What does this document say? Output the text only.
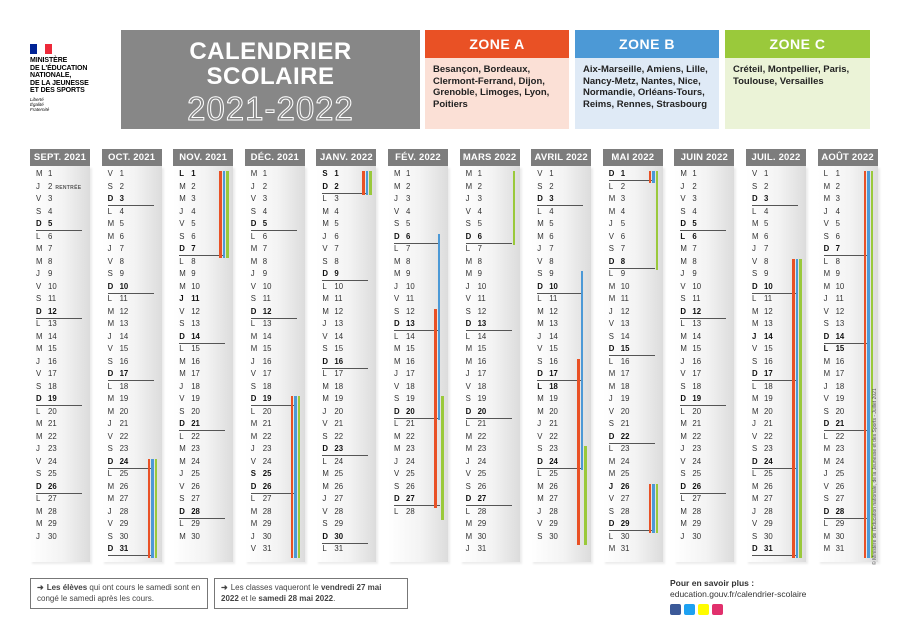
MINISTÈRE
DE L'ÉDUCATION
NATIONALE,
DE LA JEUNESSE
ET DES SPORTS
Liberté
Égalité
Fraternité
CALENDRIER
SCOLAIRE
2021-2022
ZONE A
Besançon, Bordeaux, Clermont-Ferrand, Dijon, Grenoble, Limoges, Lyon, Poitiers
ZONE B
Aix-Marseille, Amiens, Lille, Nancy-Metz, Nantes, Nice, Normandie, Orléans-Tours, Reims, Rennes, Strasbourg
ZONE C
Créteil, Montpellier, Paris, Toulouse, Versailles
SEPT. 2021
M 1
J 2 RENTRÉE
V 3
S 4
D 5
L 6
M 7
M 8
J 9
V 10
S 11
D 12
L 13
M 14
M 15
J 16
V 17
S 18
D 19
L 20
M 21
M 22
J 23
V 24
S 25
D 26
L 27
M 28
M 29
J 30
OCT. 2021
V 1
S 2
D 3
L 4
M 5
M 6
J 7
V 8
S 9
D 10
L 11
M 12
M 13
J 14
V 15
S 16
D 17
L 18
M 19
M 20
J 21
V 22
S 23
D 24
L 25
M 26
M 27
J 28
V 29
S 30
D 31
NOV. 2021
L 1
M 2
M 3
J 4
V 5
S 6
D 7
L 8
M 9
M 10
J 11
V 12
S 13
D 14
L 15
M 16
M 17
J 18
V 19
S 20
D 21
L 22
M 23
M 24
J 25
V 26
S 27
D 28
L 29
M 30
DÉC. 2021
M 1
J 2
V 3
S 4
D 5
L 6
M 7
M 8
J 9
V 10
S 11
D 12
L 13
M 14
M 15
J 16
V 17
S 18
D 19
L 20
M 21
M 22
J 23
V 24
S 25
D 26
L 27
M 28
M 29
J 30
V 31
JANV. 2022
S 1
D 2
L 3
M 4
M 5
J 6
V 7
S 8
D 9
L 10
M 11
M 12
J 13
V 14
S 15
D 16
L 17
M 18
M 19
J 20
V 21
S 22
D 23
L 24
M 25
M 26
J 27
V 28
S 29
D 30
L 31
FÉV. 2022
M 1
M 2
J 3
V 4
S 5
D 6
L 7
M 8
M 9
J 10
V 11
S 12
D 13
L 14
M 15
M 16
J 17
V 18
S 19
D 20
L 21
M 22
M 23
J 24
V 25
S 26
D 27
L 28
MARS 2022
M 1
M 2
J 3
V 4
S 5
D 6
L 7
M 8
M 9
J 10
V 11
S 12
D 13
L 14
M 15
M 16
J 17
V 18
S 19
D 20
L 21
M 22
M 23
J 24
V 25
S 26
D 27
L 28
M 29
M 30
J 31
AVRIL 2022
V 1
S 2
D 3
L 4
M 5
M 6
J 7
V 8
S 9
D 10
L 11
M 12
M 13
J 14
V 15
S 16
D 17
L 18
M 19
M 20
J 21
V 22
S 23
D 24
L 25
M 26
M 27
J 28
V 29
S 30
MAI 2022
D 1
L 2
M 3
M 4
J 5
V 6
S 7
D 8
L 9
M 10
M 11
J 12
V 13
S 14
D 15
L 16
M 17
M 18
J 19
V 20
S 21
D 22
L 23
M 24
M 25
J 26
V 27
S 28
D 29
L 30
M 31
JUIN 2022
M 1
J 2
V 3
S 4
D 5
L 6
M 7
M 8
J 9
V 10
S 11
D 12
L 13
M 14
M 15
J 16
V 17
S 18
D 19
L 20
M 21
M 22
J 23
V 24
S 25
D 26
L 27
M 28
M 29
J 30
JUIL. 2022
V 1
S 2
D 3
L 4
M 5
M 6
J 7
V 8
S 9
D 10
L 11
M 12
M 13
J 14
V 15
S 16
D 17
L 18
M 19
M 20
J 21
V 22
S 23
D 24
L 25
M 26
M 27
J 28
V 29
S 30
D 31
AOÛT 2022
L 1
M 2
M 3
J 4
V 5
S 6
D 7
L 8
M 9
M 10
J 11
V 12
S 13
D 14
L 15
M 16
M 17
J 18
V 19
S 20
D 21
L 22
M 23
M 24
J 25
V 26
S 27
D 28
L 29
M 30
M 31
➜ Les élèves qui ont cours le samedi sont en congé le samedi après les cours.
➜ Les classes vaqueront le vendredi 27 mai 2022 et le samedi 28 mai 2022.
Pour en savoir plus :
education.gouv.fr/calendrier-scolaire
© Ministère de l'Éducation nationale, de la Jeunesse et des Sports - Juillet 2021
